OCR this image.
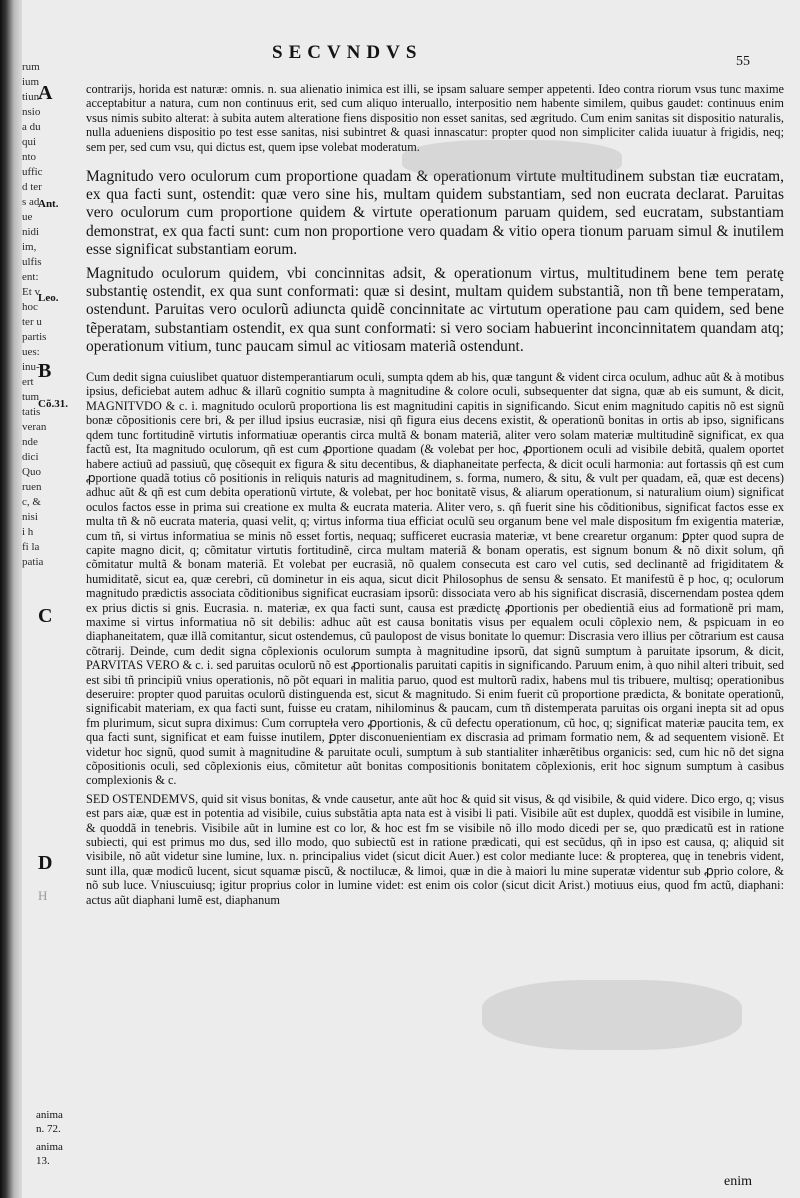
rum
ium
tiun
nsio
a du
qui
nto
uffic
d ter
s ad
ue
nidi
im,
ulfis
ent:
Et v
hoc
ter u
partis
ues:
inu-
ert
tum
tatis
veran
nde
dici
Quo
ruen
c, &
nisi
i h
fi la
patia
SECVNDVS	55
A
Ant.
Leo.
B
Cõ.31.
C
D
H
anima
n. 72.
anima
13.

contrarijs, horida est naturæ: omnis. n. sua alienatio inimica est illi, se ipsam saluare semper appetenti. Ideo contra riorum vsus tunc maxime acceptabitur a natura, cum non continuus erit, sed cum aliquo interuallo, interpositio nem habente similem, quibus gaudet: continuus enim vsus nimis subito alterat: à subita autem alteratione fiens dispositio non esset sanitas, sed ægritudo. Cum enim sanitas sit dispositio naturalis, nulla adueniens dispositio po test esse sanitas, nisi subintret & quasi innascatur: propter quod non simpliciter calida iuuatur à frigidis, neq; sem per, sed cum vsu, qui dictus est, quem ipse volebat moderatum.

Magnitudo vero oculorum cum proportione quadam & operationum virtute multitudinem substan tiæ eucratam, ex qua facti sunt, ostendit: quæ vero sine his, multam quidem substantiam, sed non eucrata declarat. Paruitas vero oculorum cum proportione quidem & virtute operationum paruam quidem, sed eucratam, substantiam demonstrat, ex qua facti sunt: cum non proportione vero quadam & vitio opera tionum paruam simul & inutilem esse significat substantiam eorum.

Magnitudo oculorum quidem, vbi concinnitas adsit, & operationum virtus, multitudinem bene tem peratę substantię ostendit, ex qua sunt conformati: quæ si desint, multam quidem substantiã, non tñ bene temperatam, ostendunt. Paruitas vero oculorũ adiuncta quidẽ concinnitate ac virtutum operatione pau cam quidem, sed bene tẽperatam, substantiam ostendit, ex qua sunt conformati: si vero sociam habuerint inconcinnitatem quandam atq; operationum vitium, tunc paucam simul ac vitiosam materiã ostendunt.

Cum dedit signa cuiuslibet quatuor distemperantiarum oculi, sumpta qdem ab his, quæ tangunt & vident circa oculum, adhuc aũt & à motibus ipsius, deficiebat autem adhuc & illarũ cognitio sumpta à magnitudine & colore oculi, subsequenter dat signa, quæ ab eis sumunt, & dicit, MAGNITVDO & c. i. magnitudo oculorũ proportiona lis est magnitudini capitis in significando. Sicut enim magnitudo capitis nõ est signũ bonæ cõpositionis cere bri, & per illud ipsius eucrasiæ, nisi qñ figura eius decens existit, & operationũ bonitas in ortis ab ipso, significans qdem tunc fortitudinẽ virtutis informatiuæ operantis circa multã & bonam materiã, aliter vero solam materiæ multitudinẽ significat, ex qua factũ est, Ita magnitudo oculorum, qñ est cum ꝓportione quadam (& volebat per hoc, ꝓportionem oculi ad visibile debitã, qualem oportet habere actiuũ ad passiuũ, quę cõsequit ex figura & situ decentibus, & diaphaneitate perfecta, & dicit oculi harmonia: aut fortassis qñ est cum ꝓportione quadã totius cõ positionis in reliquis naturis ad magnitudinem, s. forma, numero, & situ, & vult per quadam, eã, quæ est decens) adhuc aũt & qñ est cum debita operationũ virtute, & volebat, per hoc bonitatẽ visus, & aliarum operationum, si naturalium oium) significat oculos factos esse in prima sui creatione ex multa & eucrata materia. Aliter vero, s. qñ fuerit sine his cõditionibus, significat factos esse ex multa tñ & nõ eucrata materia, quasi velit, q; virtus informa tiua efficiat oculũ seu organum bene vel male dispositum fm exigentia materiæ, cum tñ, si virtus informatiua se minis nõ esset fortis, nequaq; sufficeret eucrasia materiæ, vt bene crearetur organum: ꝑpter quod supra de capite magno dicit, q; cõmitatur virtutis fortitudinẽ, circa multam materiã & bonam operatis, est signum bonum & nõ dixit solum, qñ cõmitatur multã & bonam materiã. Et volebat per eucrasiã, nõ qualem consecuta est caro vel cutis, sed declinantẽ ad frigiditatem & humiditatẽ, sicut ea, quæ cerebri, cũ dominetur in eis aqua, sicut dicit Philosophus de sensu & sensato. Et manifestũ ẽ p hoc, q; oculorum magnitudo prædictis associata cõditionibus significat eucrasiam ipsorũ: dissociata vero ab his significat discrasiã, discernendam postea qdem ex prius dictis si gnis. Eucrasia. n. materiæ, ex qua facti sunt, causa est prædictę ꝓportionis per obedientiã eius ad formationẽ pri mam, maxime si virtus informatiua nõ sit debilis: adhuc aũt est causa bonitatis visus per equalem oculi cõplexio nem, & pspicuam in eo diaphaneitatem, quæ illã comitantur, sicut ostendemus, cũ paulopost de visus bonitate lo quemur: Discrasia vero illius per cõtrarium est causa cõtrarij. Deinde, cum dedit signa cõplexionis oculorum sumpta à magnitudine ipsorũ, dat signũ sumptum à paruitate ipsorum, & dicit, PARVITAS VERO & c. i. sed paruitas oculorũ nõ est ꝓportionalis paruitati capitis in significando. Paruum enim, à quo nihil alteri tribuit, sed est sibi tñ principiũ vnius operationis, nõ põt equari in malitia paruo, quod est multorũ radix, habens mul tis tribuere, multisq; operationibus deseruire: propter quod paruitas oculorũ distinguenda est, sicut & magnitudo. Si enim fuerit cũ proportione prædicta, & bonitate operationũ, significabit materiam, ex qua facti sunt, fuisse eu cratam, nihilominus & paucam, cum tñ distemperata paruitas ois organi inepta sit ad opus fm plurimum, sicut supra diximus: Cum corrupteła vero ꝓportionis, & cũ defectu operationum, cũ hoc, q; significat materiæ paucita tem, ex qua facti sunt, significat et eam fuisse inutilem, ꝑpter disconuenientiam ex discrasia ad primam formatio nem, & ad sequentem visionẽ. Et videtur hoc signũ, quod sumit à magnitudine & paruitate oculi, sumptum à sub stantialiter inhærẽtibus organicis: sed, cum hic nõ det signa cõpositionis oculi, sed cõplexionis eius, cõmitetur aũt bonitas compositionis bonitatem cõplexionis, erit hoc signum sumptum à casibus complexionis & c.

SED OSTENDEMVS, quid sit visus bonitas, & vnde causetur, ante aũt hoc & quid sit visus, & qd visibile, & quid videre. Dico ergo, q; visus est pars aiæ, quæ est in potentia ad visibile, cuius substãtia apta nata est à visibi li pati. Visibile aũt est duplex, quoddã est visibile in lumine, & quoddã in tenebris. Visibile aũt in lumine est co lor, & hoc est fm se visibile nõ illo modo dicedi per se, quo prædicatũ est in ratione subiecti, qui est primus mo dus, sed illo modo, quo subiectũ est in ratione prædicati, qui est secũdus, qñ in ipso est causa, q; aliquid sit visibile, nõ aũt videtur sine lumine, lux. n. principalius videt (sicut dicit Auer.) est color mediante luce: & propterea, quę in tenebris vident, sunt illa, quæ modicũ lucent, sicut squamæ piscũ, & noctilucæ, & limoi, quæ in die à maiori lu mine superatæ videntur sub ꝓprio colore, & nõ sub luce. Vniuscuiusq; igitur proprius color in lumine videt: est enim ois color (sicut dicit Arist.) motiuus eius, quod fm actũ, diaphani: actus aũt diaphani lumẽ est, diaphanum

enim
